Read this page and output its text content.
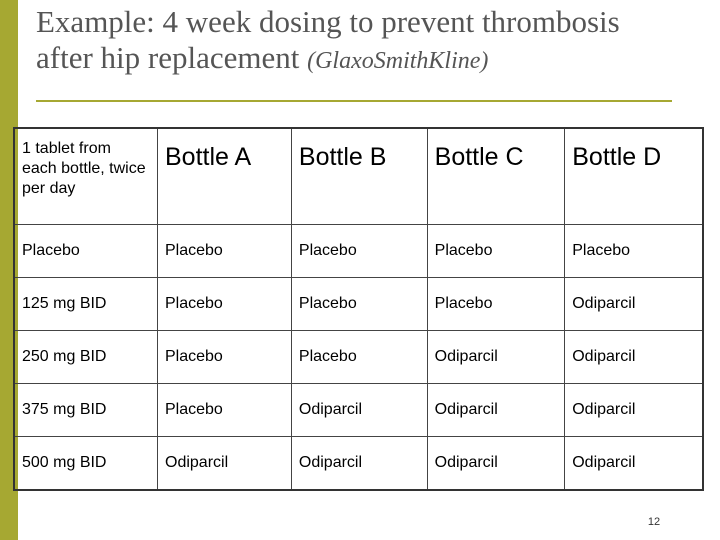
Example: 4 week dosing to prevent thrombosis
after hip replacement (GlaxoSmithKline)
1 tablet from each bottle, twice per day	Bottle A	Bottle B	Bottle C	Bottle D
Placebo	Placebo	Placebo	Placebo	Placebo
125 mg BID	Placebo	Placebo	Placebo	Odiparcil
250 mg BID	Placebo	Placebo	Odiparcil	Odiparcil
375 mg BID	Placebo	Odiparcil	Odiparcil	Odiparcil
500 mg BID	Odiparcil	Odiparcil	Odiparcil	Odiparcil
12
